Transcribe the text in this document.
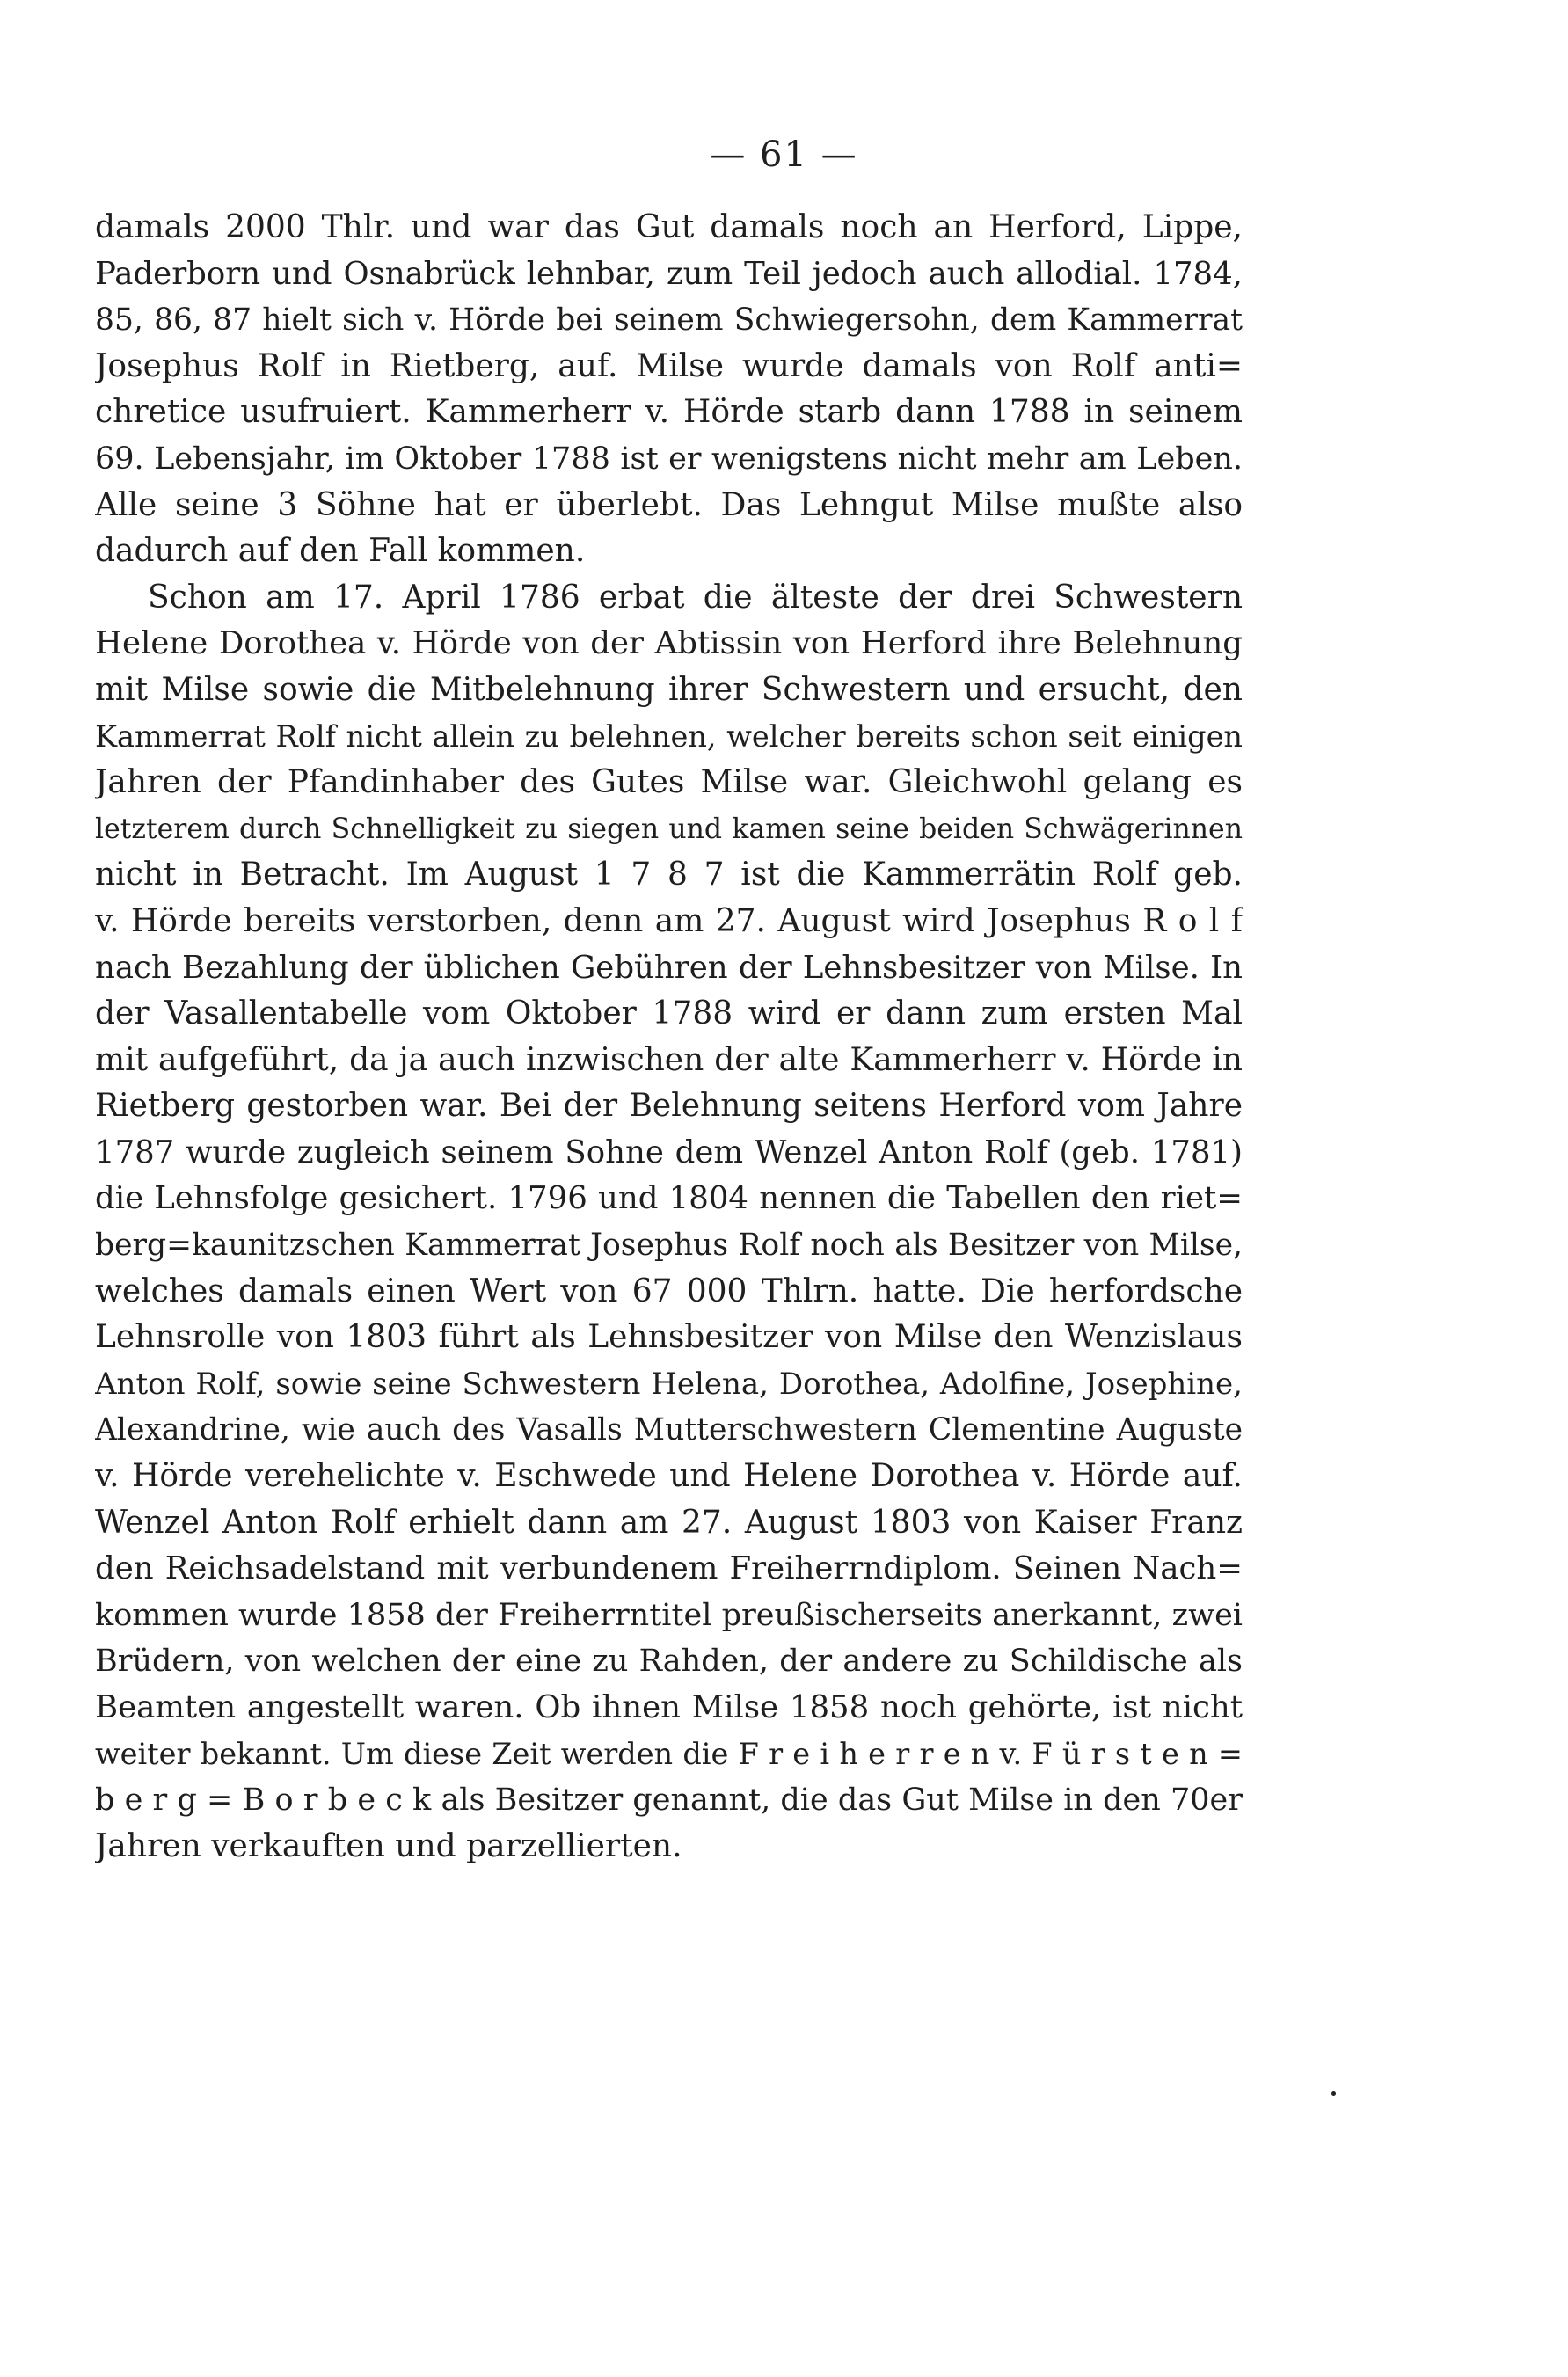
— 61 —
damals 2000 Thlr. und war das Gut damals noch an Herford, Lippe,
Paderborn und Osnabrück lehnbar, zum Teil jedoch auch allodial. 1784,
85, 86, 87 hielt sich v. Hörde bei seinem Schwiegersohn, dem Kammerrat
Josephus Rolf in Rietberg, auf. Milse wurde damals von Rolf anti=
chretice usufruiert. Kammerherr v. Hörde starb dann 1788 in seinem
69. Lebensjahr, im Oktober 1788 ist er wenigstens nicht mehr am Leben.
Alle seine 3 Söhne hat er überlebt. Das Lehngut Milse mußte also
dadurch auf den Fall kommen.
Schon am 17. April 1786 erbat die älteste der drei Schwestern
Helene Dorothea v. Hörde von der Abtissin von Herford ihre Belehnung
mit Milse sowie die Mitbelehnung ihrer Schwestern und ersucht, den
Kammerrat Rolf nicht allein zu belehnen, welcher bereits schon seit einigen
Jahren der Pfandinhaber des Gutes Milse war. Gleichwohl gelang es
letzterem durch Schnelligkeit zu siegen und kamen seine beiden Schwägerinnen
nicht in Betracht. Im August 1 7 8 7 ist die Kammerrätin Rolf geb.
v. Hörde bereits verstorben, denn am 27. August wird Josephus R o l f
nach Bezahlung der üblichen Gebühren der Lehnsbesitzer von Milse. In
der Vasallentabelle vom Oktober 1788 wird er dann zum ersten Mal
mit aufgeführt, da ja auch inzwischen der alte Kammerherr v. Hörde in
Rietberg gestorben war. Bei der Belehnung seitens Herford vom Jahre
1787 wurde zugleich seinem Sohne dem Wenzel Anton Rolf (geb. 1781)
die Lehnsfolge gesichert. 1796 und 1804 nennen die Tabellen den riet=
berg=kaunitzschen Kammerrat Josephus Rolf noch als Besitzer von Milse,
welches damals einen Wert von 67 000 Thlrn. hatte. Die herfordsche
Lehnsrolle von 1803 führt als Lehnsbesitzer von Milse den Wenzislaus
Anton Rolf, sowie seine Schwestern Helena, Dorothea, Adolfine, Josephine,
Alexandrine, wie auch des Vasalls Mutterschwestern Clementine Auguste
v. Hörde verehelichte v. Eschwede und Helene Dorothea v. Hörde auf.
Wenzel Anton Rolf erhielt dann am 27. August 1803 von Kaiser Franz
den Reichsadelstand mit verbundenem Freiherrndiplom. Seinen Nach=
kommen wurde 1858 der Freiherrntitel preußischerseits anerkannt, zwei
Brüdern, von welchen der eine zu Rahden, der andere zu Schildische als
Beamten angestellt waren. Ob ihnen Milse 1858 noch gehörte, ist nicht
weiter bekannt. Um diese Zeit werden die F r e i h e r r e n v. F ü r s t e n =
b e r g = B o r b e c k als Besitzer genannt, die das Gut Milse in den 70er
Jahren verkauften und parzellierten.
